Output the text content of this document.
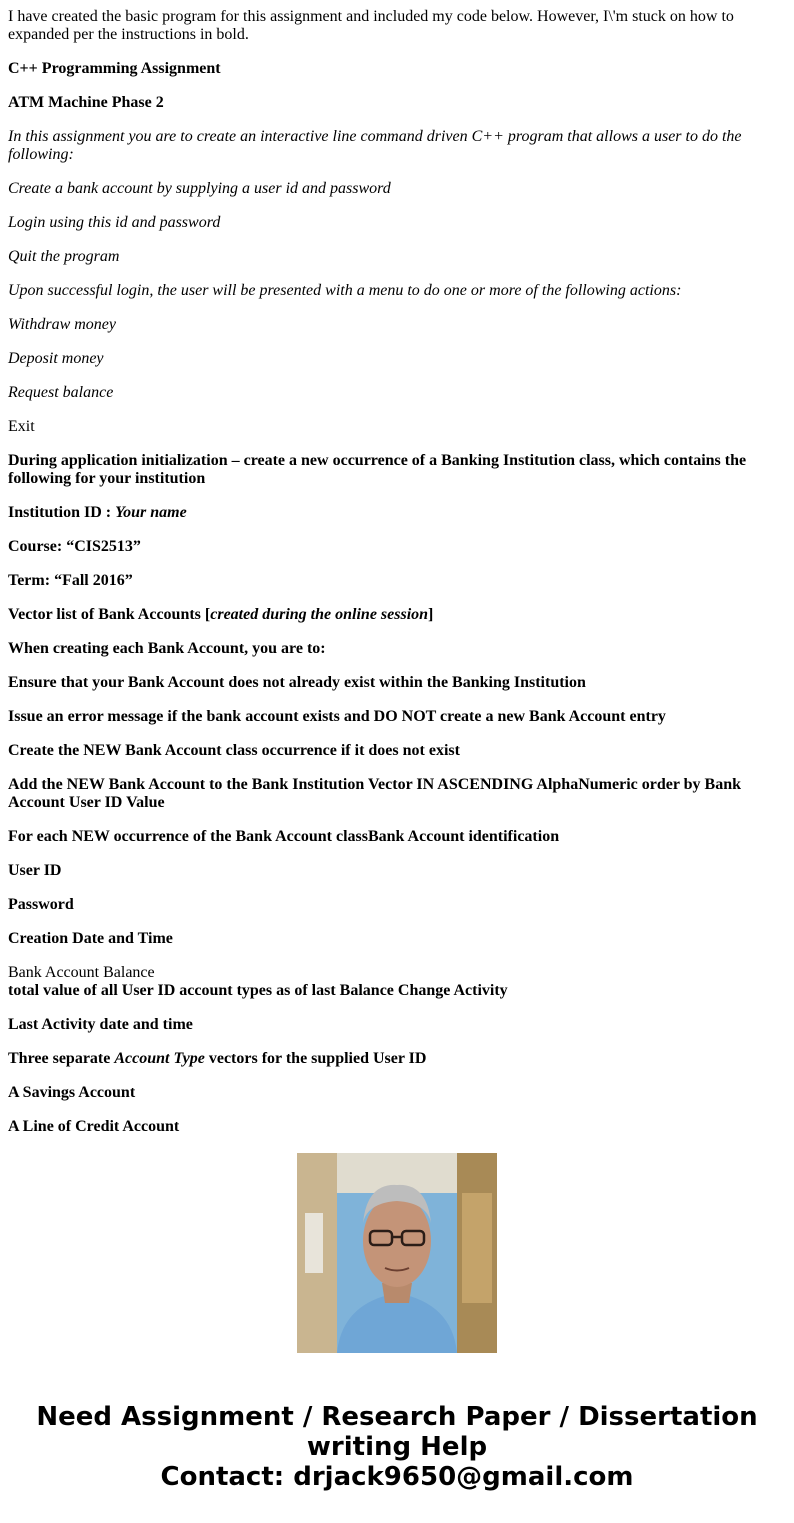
I have created the basic program for this assignment and included my code below. However, I\'m stuck on how to expanded per the instructions in bold.

C++ Programming Assignment

ATM Machine Phase 2

In this assignment you are to create an interactive line command driven C++ program that allows a user to do the following:

Create a bank account by supplying a user id and password

Login using this id and password

Quit the program

Upon successful login, the user will be presented with a menu to do one or more of the following actions:

Withdraw money

Deposit money

Request balance

Exit

During application initialization – create a new occurrence of a Banking Institution class, which contains the following for your institution

Institution ID : Your name

Course: “CIS2513”

Term: “Fall 2016”

Vector list of Bank Accounts [created during the online session]

When creating each Bank Account, you are to:

Ensure that your Bank Account does not already exist within the Banking Institution

Issue an error message if the bank account exists and DO NOT create a new Bank Account entry

Create the NEW Bank Account class occurrence if it does not exist

Add the NEW Bank Account to the Bank Institution Vector IN ASCENDING AlphaNumeric order by Bank Account User ID Value

For each NEW occurrence of the Bank Account classBank Account identification

User ID

Password

Creation Date and Time

Bank Account Balance
total value of all User ID account types as of last Balance Change Activity

Last Activity date and time

Three separate Account Type vectors for the supplied User ID

A Savings Account

A Line of Credit Account

Need Assignment / Research Paper / Dissertation
writing Help
Contact: drjack9650@gmail.com
